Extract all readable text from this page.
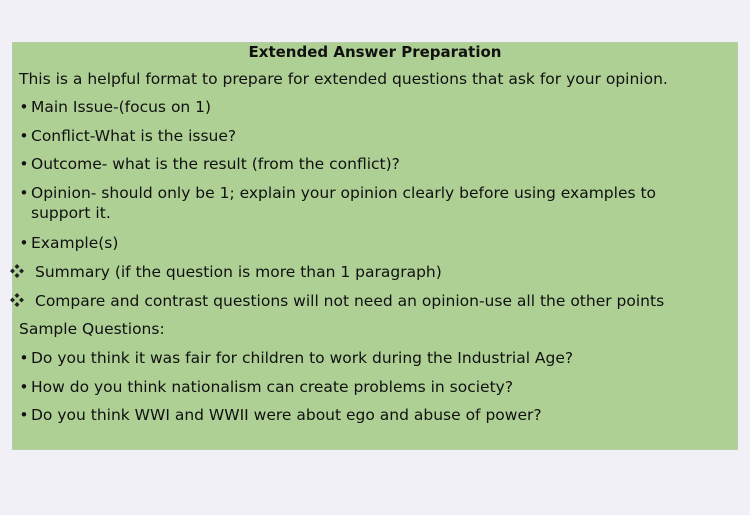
Extended Answer Preparation
This is a helpful format to prepare for extended questions that ask for your opinion.
• Main Issue-(focus on 1)
• Conflict-What is the issue?
• Outcome- what is the result (from the conflict)?
• Opinion- should only be 1; explain your opinion clearly before using examples to support it.
• Example(s)
Summary (if the question is more than 1 paragraph)
Compare and contrast questions will not need an opinion-use all the other points
Sample Questions:
• Do you think it was fair for children to work during the Industrial Age?
• How do you think nationalism can create problems in society?
• Do you think WWI and WWII were about ego and abuse of power?
